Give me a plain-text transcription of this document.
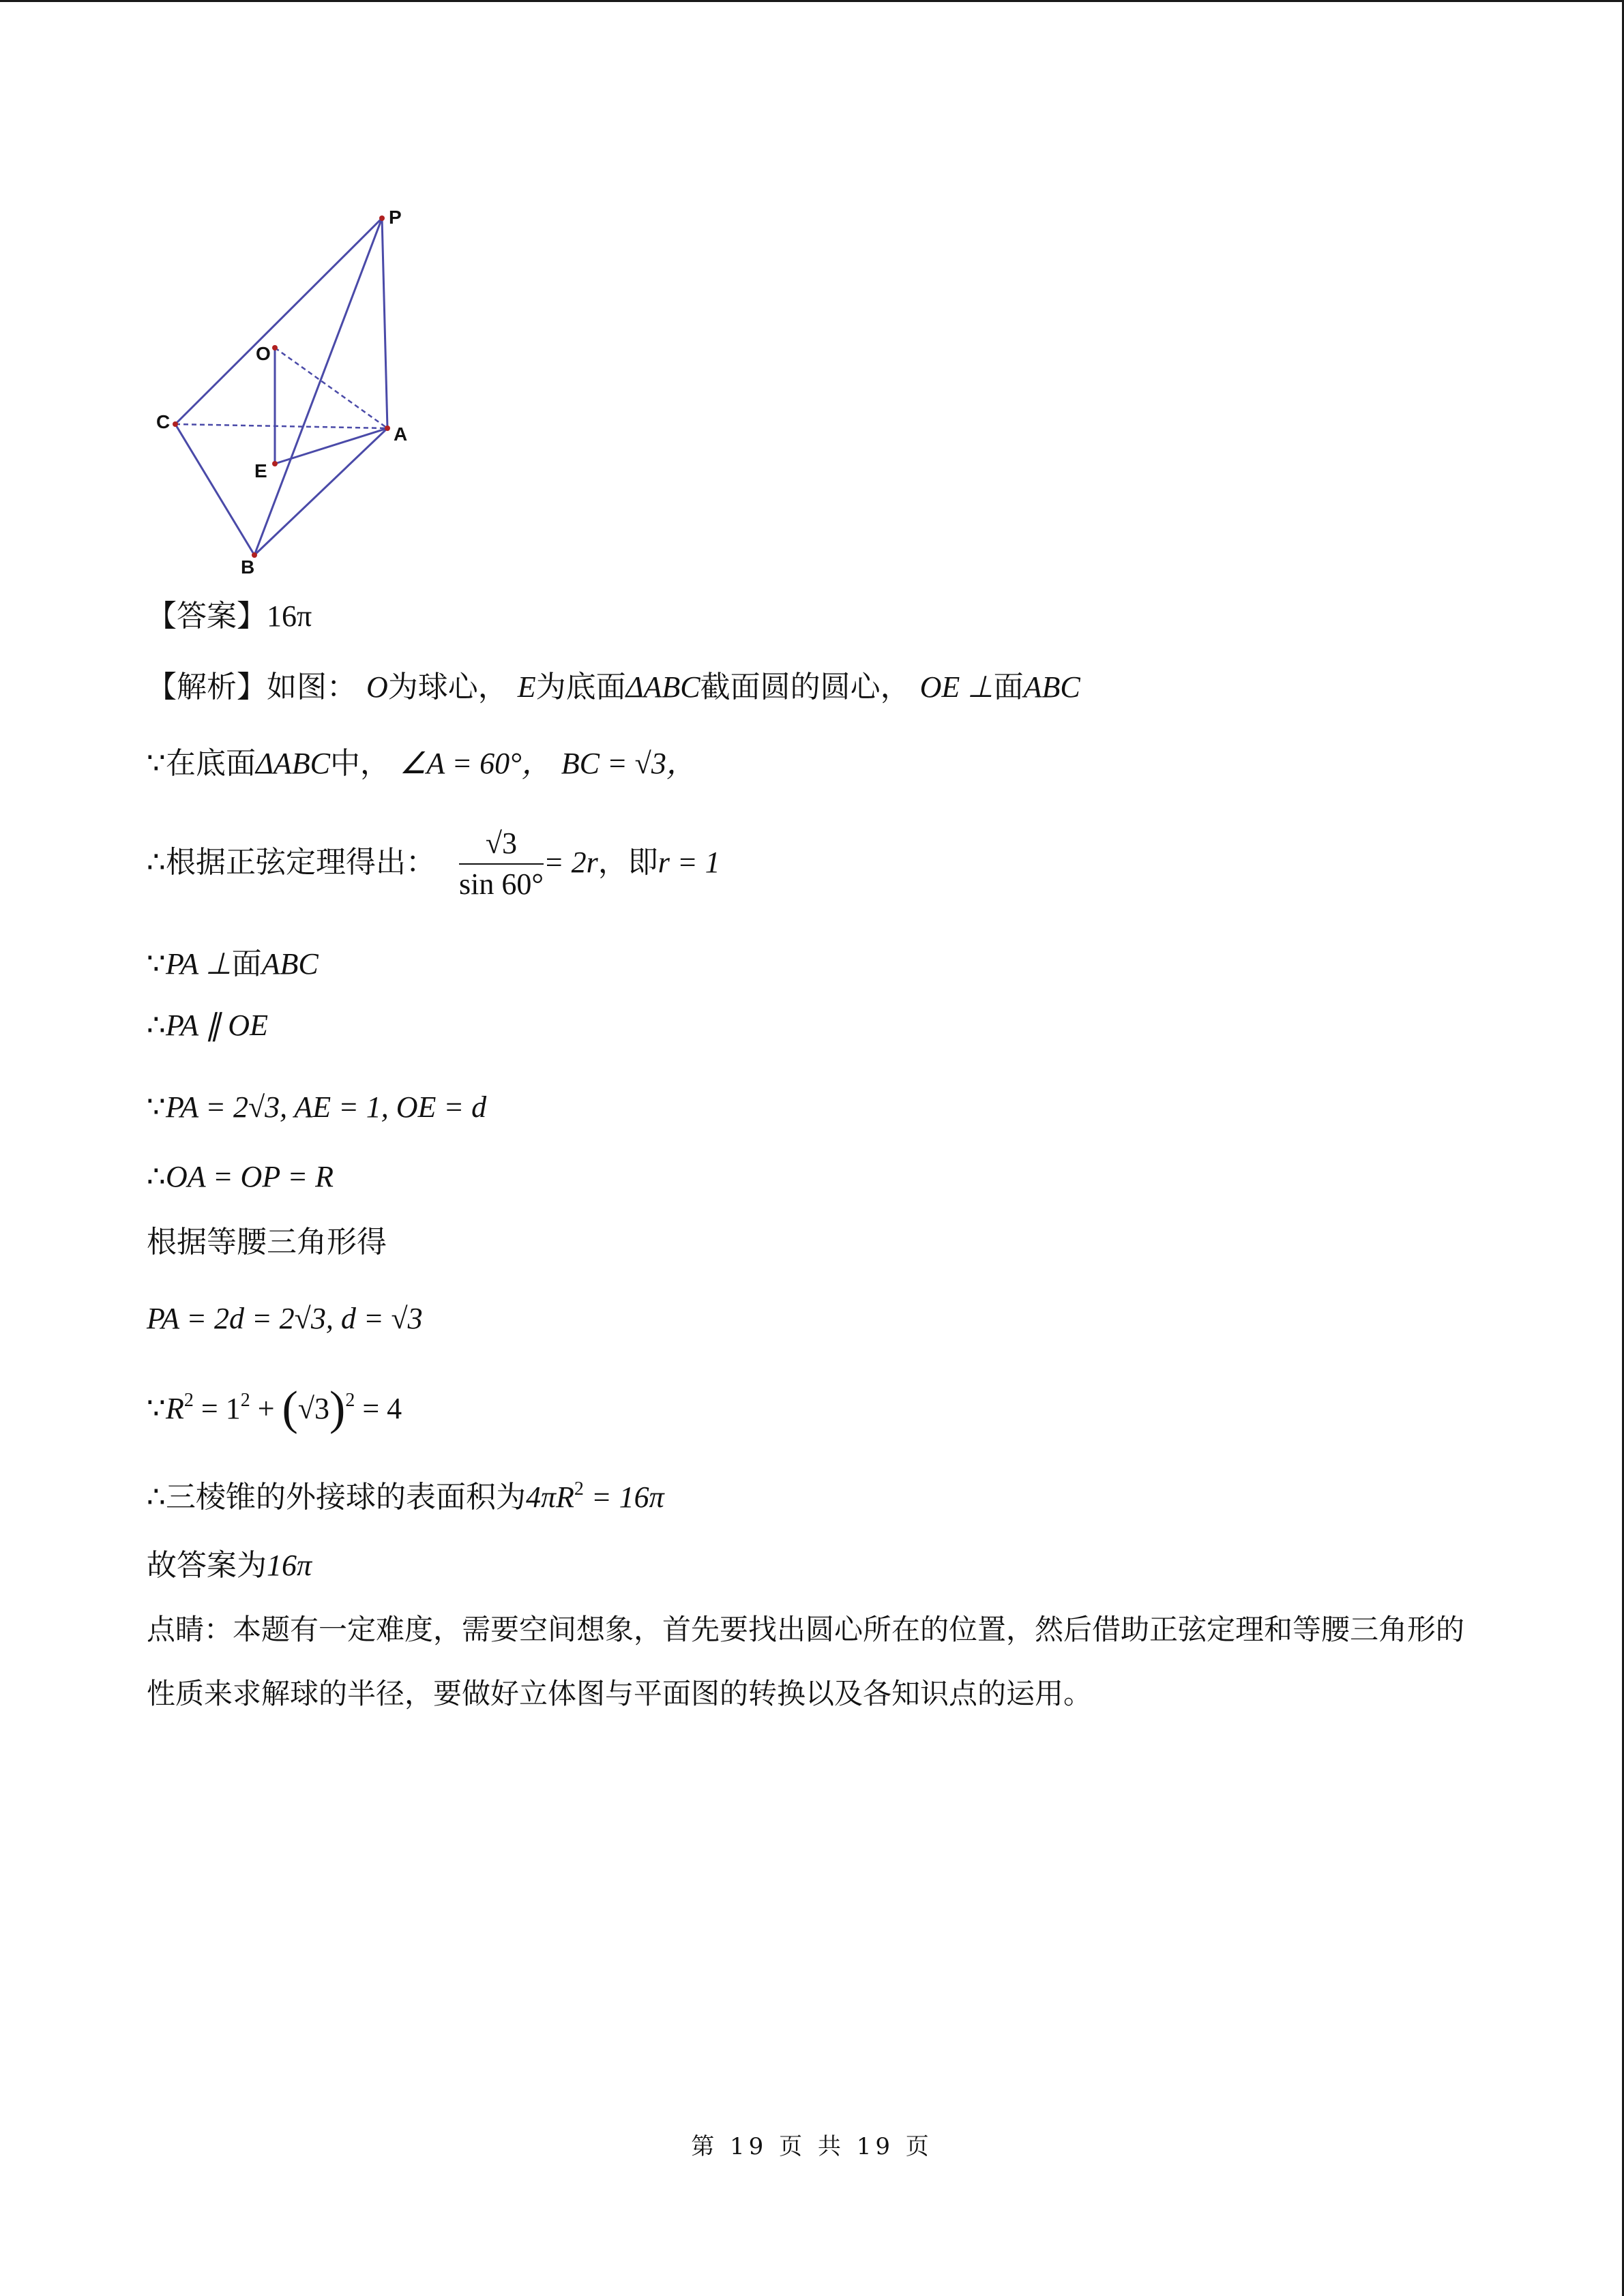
P
O
C
A
E
B
【答案】16π
【解析】如图： O为球心， E为底面ΔABC截面圆的圆心， OE ⊥面ABC
∵在底面ΔABC中， ∠A = 60°， BC = √3，
∴根据正弦定理得出： $\frac{√3}{\sin 60^\circ} = 2r$，即r = 1
∵PA ⊥面ABC
∴PA ∥ OE
∵PA = 2√3, AE = 1, OE = d
∴OA = OP = R
根据等腰三角形得
PA = 2d = 2√3, d = √3
$\because R^2 = 1^2 + (√3)^2 = 4$
∴三棱锥的外接球的表面积为$4\pi R^2 = 16\pi$
故答案为16π
点睛：本题有一定难度，需要空间想象，首先要找出圆心所在的位置，然后借助正弦定理和等腰三角形的
性质来求解球的半径，要做好立体图与平面图的转换以及各知识点的运用。
第 19 页 共 19 页
